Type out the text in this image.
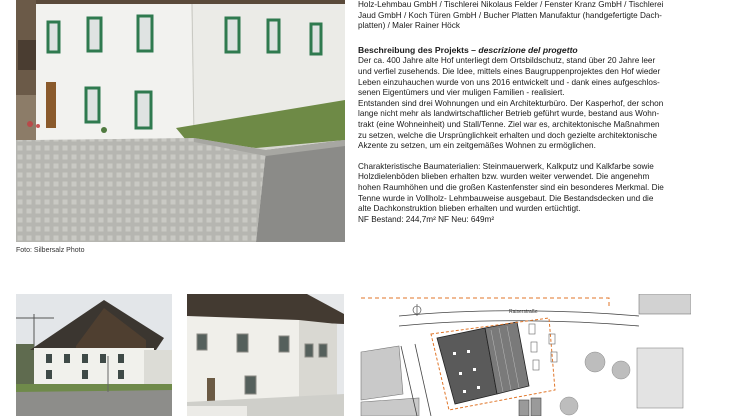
Foto: Silbersalz Photo

Holz-Lehmbau GmbH / Tischlerei Nikolaus Felder / Fenster Kranz GmbH / Tischlerei

Jaud GmbH / Koch Türen GmbH / Bucher Platten Manufaktur (handgefertigte Dach-

platten) / Maler Rainer Höck

Beschreibung des Projekts – descrizione del progetto

Der ca. 400 Jahre alte Hof unterliegt dem Ortsbildschutz, stand über 20 Jahre leer

und verfiel zusehends. Die Idee, mittels eines Baugruppenprojektes den Hof wieder

Leben einzuhauchen wurde von uns 2016 entwickelt und - dank eines aufgeschlos-

senen Eigentümers und vier muligen Familien - realisiert.

Entstanden sind drei Wohnungen und ein Architekturbüro. Der Kasperhof, der schon

lange nicht mehr als landwirtschaftlicher Betrieb geführt wurde, bestand aus Wohn-

trakt (eine Wohneinheit) und Stall/Tenne. Ziel war es, architektonische Maßnahmen

zu setzen, welche die Ursprünglichkeit erhalten und doch gezielte architektonische

Akzente zu setzen, um ein zeitgemäßes Wohnen zu ermöglichen.

Charakteristische Baumaterialien: Steinmauerwerk, Kalkputz und Kalkfarbe sowie

Holzdielenböden blieben erhalten bzw. wurden weiter verwendet. Die angenehm

hohen Raumhöhen und die großen Kastenfenster sind ein besonderes Merkmal. Die

Tenne wurde in Vollholz- Lehmbauweise ausgebaut. Die Bestandsdecken und die

alte Dachkonstruktion blieben erhalten und wurden ertüchtigt.

NF Bestand: 244,7m² NF Neu: 649m²

Raiserstraße
